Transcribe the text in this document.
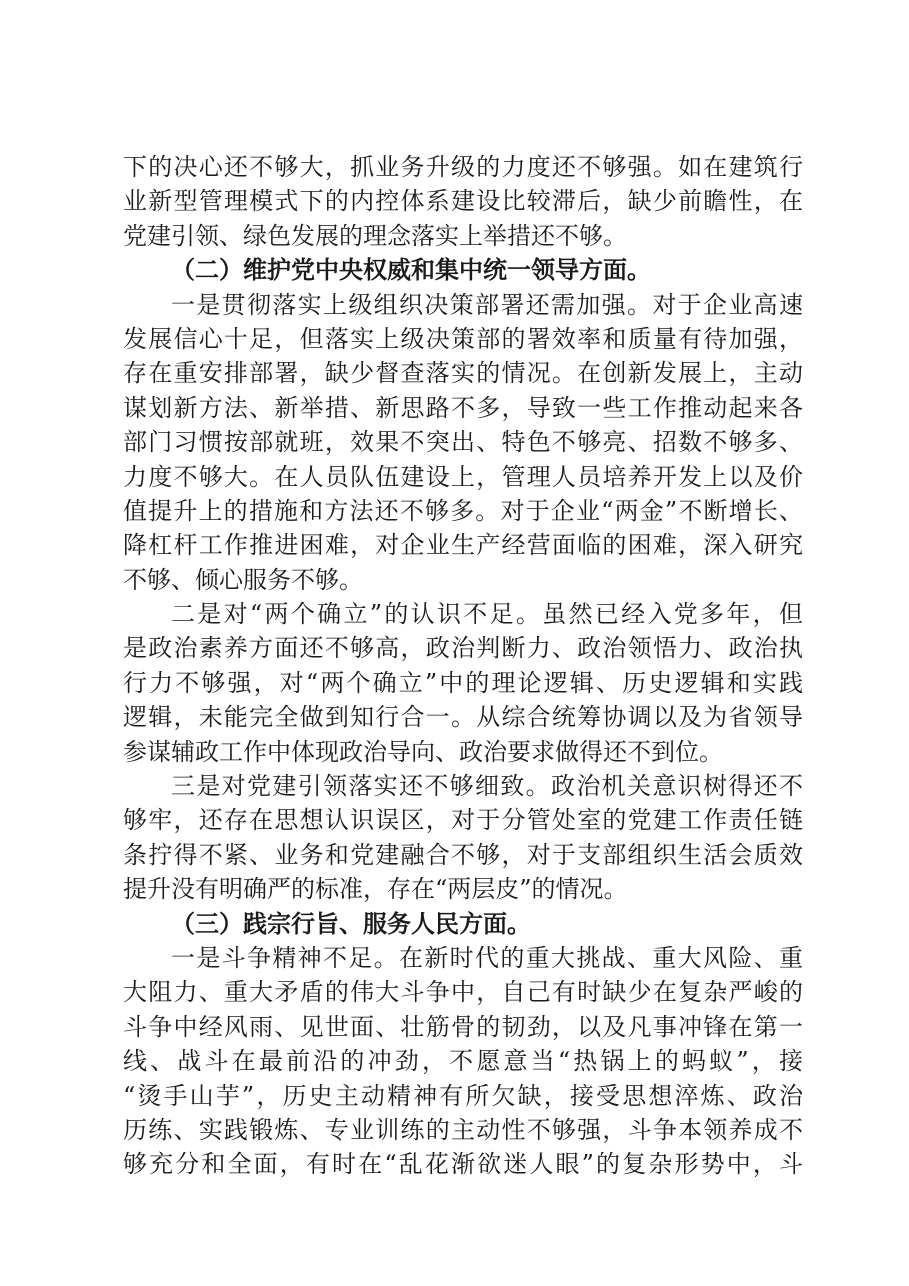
下的决心还不够大，抓业务升级的力度还不够强。如在建筑行
业新型管理模式下的内控体系建设比较滞后，缺少前瞻性，在
党建引领、绿色发展的理念落实上举措还不够。
（二）维护党中央权威和集中统一领导方面。
一是贯彻落实上级组织决策部署还需加强。对于企业高速
发展信心十足，但落实上级决策部的署效率和质量有待加强，
存在重安排部署，缺少督查落实的情况。在创新发展上，主动
谋划新方法、新举措、新思路不多，导致一些工作推动起来各
部门习惯按部就班，效果不突出、特色不够亮、招数不够多、
力度不够大。在人员队伍建设上，管理人员培养开发上以及价
值提升上的措施和方法还不够多。对于企业“两金”不断增长、
降杠杆工作推进困难，对企业生产经营面临的困难，深入研究
不够、倾心服务不够。
二是对“两个确立”的认识不足。虽然已经入党多年，但
是政治素养方面还不够高，政治判断力、政治领悟力、政治执
行力不够强，对“两个确立”中的理论逻辑、历史逻辑和实践
逻辑，未能完全做到知行合一。从综合统筹协调以及为省领导
参谋辅政工作中体现政治导向、政治要求做得还不到位。
三是对党建引领落实还不够细致。政治机关意识树得还不
够牢，还存在思想认识误区，对于分管处室的党建工作责任链
条拧得不紧、业务和党建融合不够，对于支部组织生活会质效
提升没有明确严的标准，存在“两层皮”的情况。
（三）践宗行旨、服务人民方面。
一是斗争精神不足。在新时代的重大挑战、重大风险、重
大阻力、重大矛盾的伟大斗争中，自己有时缺少在复杂严峻的
斗争中经风雨、见世面、壮筋骨的韧劲，以及凡事冲锋在第一
线、战斗在最前沿的冲劲，不愿意当“热锅上的蚂蚁”，接
“烫手山芋”，历史主动精神有所欠缺，接受思想淬炼、政治
历练、实践锻炼、专业训练的主动性不够强，斗争本领养成不
够充分和全面，有时在“乱花渐欲迷人眼”的复杂形势中，斗
